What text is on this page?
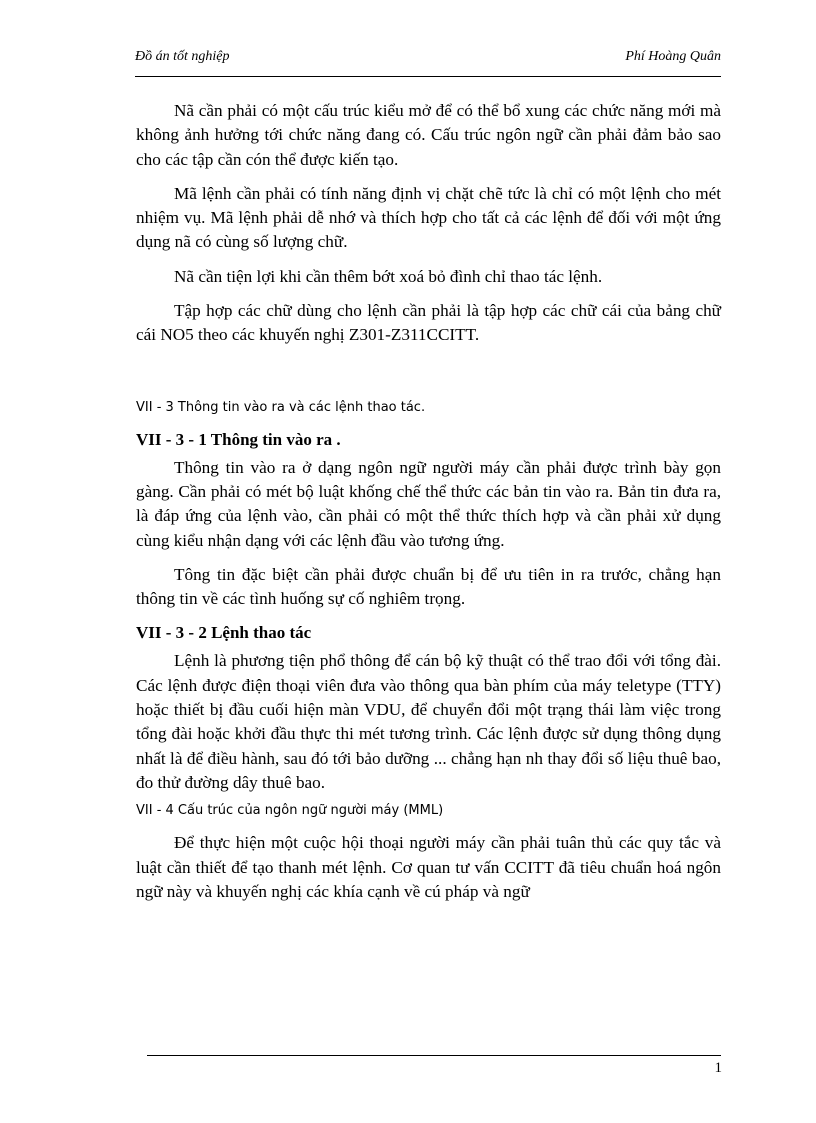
Đồ án tốt nghiệp	Phí Hoàng Quân

Nã cần phải có một cấu trúc kiểu mở để có thể bổ xung các chức năng mới mà không ảnh hưởng tới chức năng đang có. Cấu trúc ngôn ngữ cần phải đảm bảo sao cho các tập cần cón thể được kiến tạo.

Mã lệnh cần phải có tính năng định vị chặt chẽ tức là chỉ có một lệnh cho mét nhiệm vụ. Mã lệnh phải dễ nhớ và thích hợp cho tất cả các lệnh để đối với một ứng dụng nã có cùng số lượng chữ.

Nã cần tiện lợi khi cần thêm bớt xoá bỏ đình chỉ thao tác lệnh.

Tập hợp các chữ dùng cho lệnh cần phải là tập hợp các chữ cái của bảng chữ cái NO5 theo các khuyến nghị Z301-Z311CCITT.

VII - 3 Thông tin vào ra và các lệnh thao tác.
VII - 3 - 1 Thông tin vào ra .

Thông tin vào ra ở dạng ngôn ngữ người máy cần phải được trình bày gọn gàng. Cần phải có mét bộ luật khống chế thể thức các bản tin vào ra. Bản tin đưa ra, là đáp ứng của lệnh vào, cần phải có một thể thức thích hợp và cần phải xử dụng cùng kiểu nhận dạng với các lệnh đầu vào tương ứng.

Tông tin đặc biệt cần phải được chuẩn bị để ưu tiên in ra trước, chẳng hạn thông tin về các tình huống sự cố nghiêm trọng.

VII - 3 - 2 Lệnh thao tác

Lệnh là phương tiện phổ thông để cán bộ kỹ thuật có thể trao đổi với tổng đài. Các lệnh được điện thoại viên đưa vào thông qua bàn phím của máy teletype (TTY) hoặc thiết bị đầu cuối hiện màn VDU, để chuyển đổi một trạng thái làm việc trong tổng đài hoặc khởi đầu thực thi mét tương trình. Các lệnh được sử dụng thông dụng nhất là để điều hành, sau đó tới bảo dưỡng ... chẳng hạn nh thay đổi số liệu thuê bao, đo thử đường dây thuê bao.

VII - 4 Cấu trúc của ngôn ngữ người máy (MML)

Để thực hiện một cuộc hội thoại người máy cần phải tuân thủ các quy tắc và luật cần thiết để tạo thanh mét lệnh. Cơ quan tư vấn CCITT đã tiêu chuẩn hoá ngôn ngữ này và khuyến nghị các khía cạnh về cú pháp và ngữ

1
